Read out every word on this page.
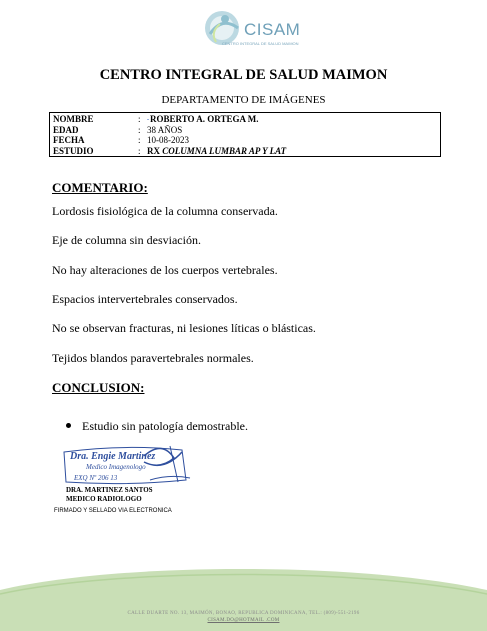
CISAM
CENTRO INTEGRAL DE SALUD MAIMON
CENTRO INTEGRAL DE SALUD MAIMON
DEPARTAMENTO DE IMÁGENES
NOMBRE	: ᵕROBERTO A. ORTEGA M.
EDAD	: 38 AÑOS
FECHA	: 10-08-2023
ESTUDIO	: RX COLUMNA LUMBAR AP Y LAT
COMENTARIO:
Lordosis fisiológica de la columna conservada.
Eje de columna sin desviación.
No hay alteraciones de los cuerpos vertebrales.
Espacios intervertebrales conservados.
No se observan fracturas, ni lesiones líticas o blásticas.
Tejidos blandos paravertebrales normales.
CONCLUSION:
Estudio sin patología demostrable.
Dra. Engie Martinez
Medico Imagenologo
EXQ Nº 206 13
DRA. MARTINEZ SANTOS
MEDICO RADIOLOGO
FIRMADO Y SELLADO VIA ELECTRONICA
CALLE DUARTE NO. 13, MAIMÓN, BONAO, REPUBLICA DOMINICANA, TEL.: (809)-551-2196
CISAM.DO@HOTMAIL .COM
